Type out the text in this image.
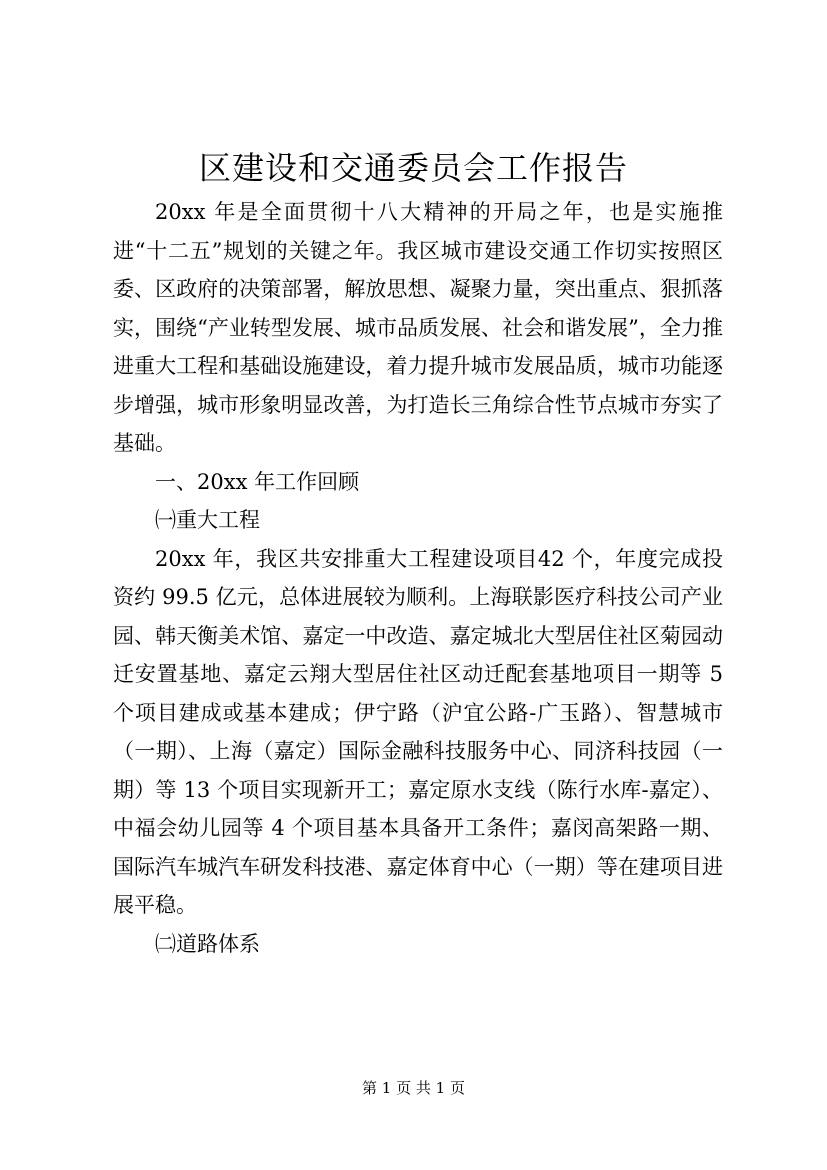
区建设和交通委员会工作报告

20xx 年是全面贯彻十八大精神的开局之年，也是实施推进“十二五”规划的关键之年。我区城市建设交通工作切实按照区委、区政府的决策部署，解放思想、凝聚力量，突出重点、狠抓落实，围绕“产业转型发展、城市品质发展、社会和谐发展”，全力推进重大工程和基础设施建设，着力提升城市发展品质，城市功能逐步增强，城市形象明显改善，为打造长三角综合性节点城市夯实了基础。

一、20xx 年工作回顾

㈠重大工程

20xx 年，我区共安排重大工程建设项目42 个，年度完成投资约 99.5 亿元，总体进展较为顺利。上海联影医疗科技公司产业园、韩天衡美术馆、嘉定一中改造、嘉定城北大型居住社区菊园动迁安置基地、嘉定云翔大型居住社区动迁配套基地项目一期等 5 个项目建成或基本建成；伊宁路（沪宜公路-广玉路）、智慧城市（一期）、上海（嘉定）国际金融科技服务中心、同济科技园（一期）等 13 个项目实现新开工；嘉定原水支线（陈行水库-嘉定）、中福会幼儿园等 4 个项目基本具备开工条件；嘉闵高架路一期、国际汽车城汽车研发科技港、嘉定体育中心（一期）等在建项目进展平稳。

㈡道路体系

第 1 页 共 1 页
